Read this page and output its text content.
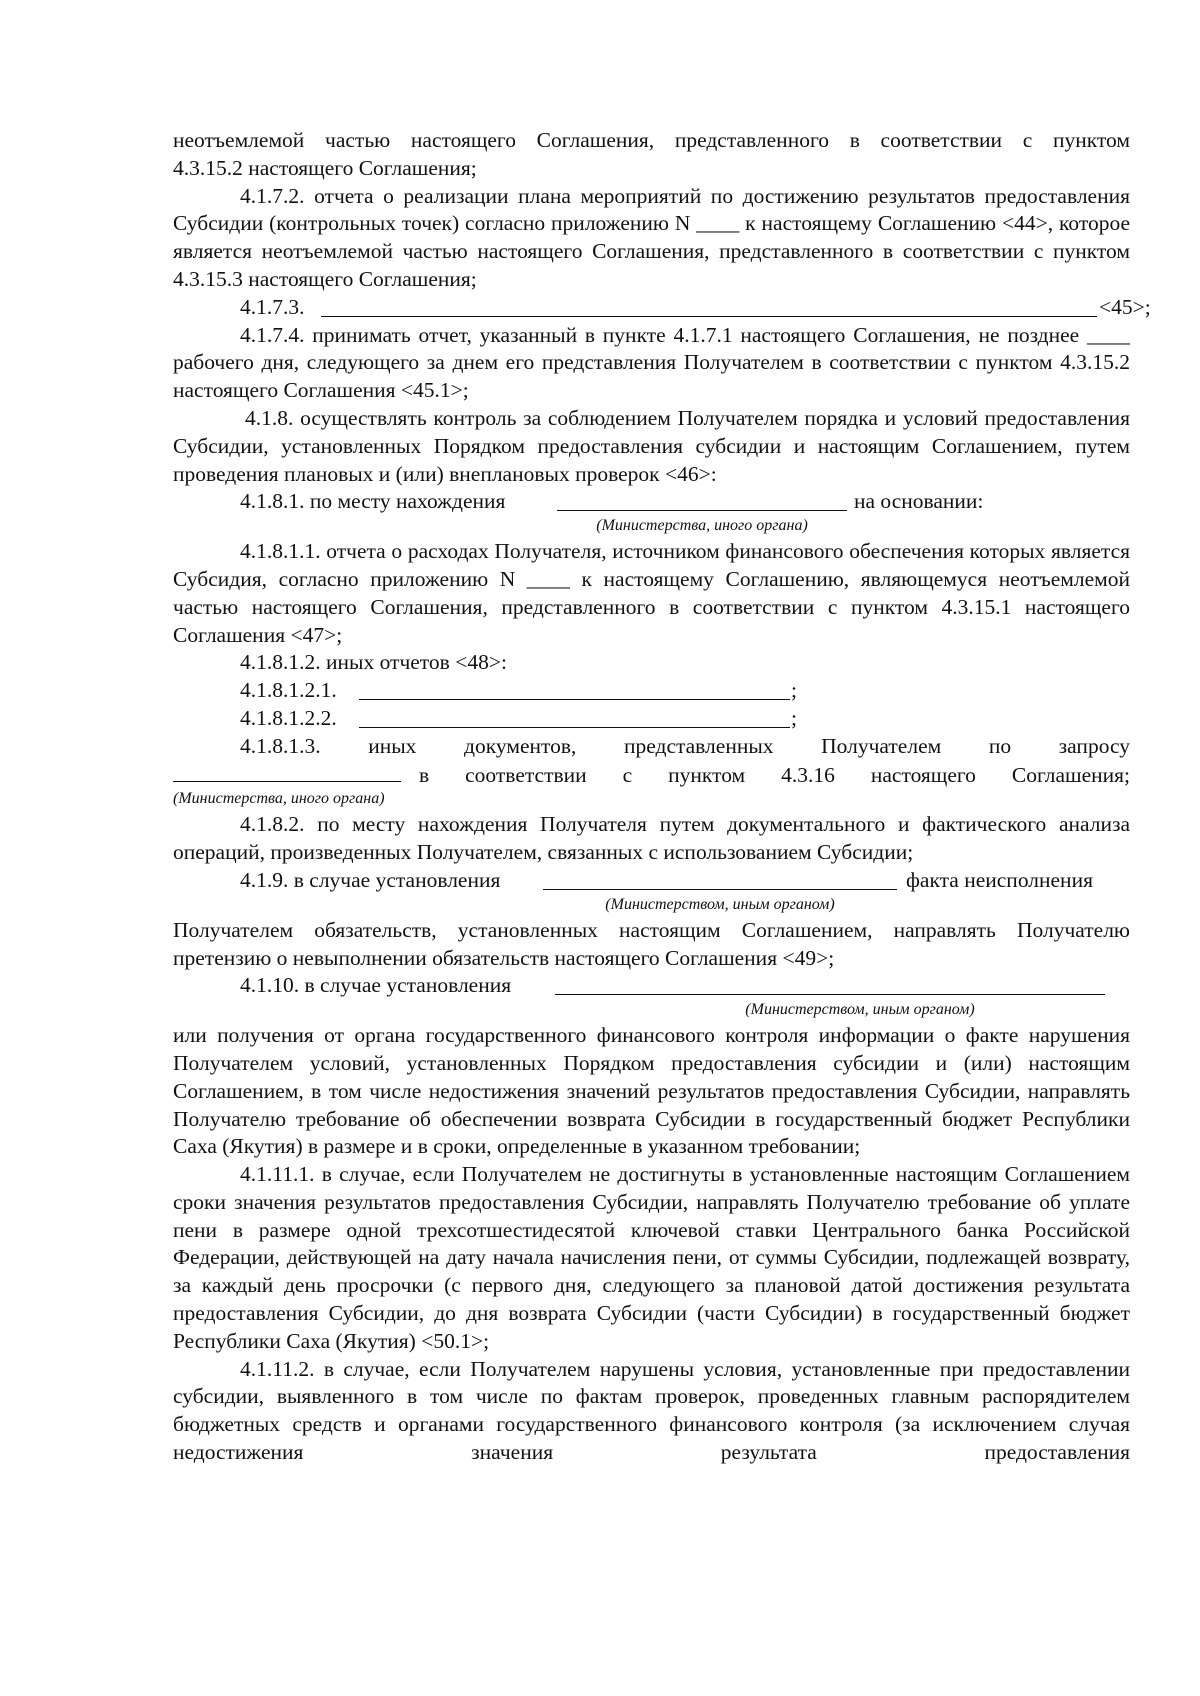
неотъемлемой частью настоящего Соглашения, представленного в соответствии с пунктом

4.3.15.2 настоящего Соглашения;

4.1.7.2. отчета о реализации плана мероприятий по достижению результатов предоставления Субсидии (контрольных точек) согласно приложению N ____ к настоящему Соглашению <44>, которое является неотъемлемой частью настоящего Соглашения, представленного в соответствии с пунктом 4.3.15.3 настоящего Соглашения;

4.1.7.3.	<45>;

4.1.7.4. принимать отчет, указанный в пункте 4.1.7.1 настоящего Соглашения, не позднее ____ рабочего дня, следующего за днем его представления Получателем в соответствии с пунктом 4.3.15.2 настоящего Соглашения <45.1>;

4.1.8. осуществлять контроль за соблюдением Получателем порядка и условий предоставления Субсидии, установленных Порядком предоставления субсидии и настоящим Соглашением, путем проведения плановых и (или) внеплановых проверок <46>:

4.1.8.1. по месту нахождения	на основании:
(Министерства, иного органа)

4.1.8.1.1. отчета о расходах Получателя, источником финансового обеспечения которых является Субсидия, согласно приложению N ____ к настоящему Соглашению, являющемуся неотъемлемой частью настоящего Соглашения, представленного в соответствии с пунктом 4.3.15.1 настоящего Соглашения <47>;

4.1.8.1.2. иных отчетов <48>:

4.1.8.1.2.1.	;
4.1.8.1.2.2.	;

4.1.8.1.3. иных документов, представленных Получателем по запросу

в соответствии с пунктом 4.3.16 настоящего Соглашения;
(Министерства, иного органа)

4.1.8.2. по месту нахождения Получателя путем документального и фактического анализа операций, произведенных Получателем, связанных с использованием Субсидии;

4.1.9. в случае установления	факта неисполнения
(Министерством, иным органом)

Получателем обязательств, установленных настоящим Соглашением, направлять Получателю претензию о невыполнении обязательств настоящего Соглашения <49>;

4.1.10. в случае установления
(Министерством, иным органом)

или получения от органа государственного финансового контроля информации о факте нарушения Получателем условий, установленных Порядком предоставления субсидии и (или) настоящим Соглашением, в том числе недостижения значений результатов предоставления Субсидии, направлять Получателю требование об обеспечении возврата Субсидии в государственный бюджет Республики Саха (Якутия) в размере и в сроки, определенные в указанном требовании;

4.1.11.1. в случае, если Получателем не достигнуты в установленные настоящим Соглашением сроки значения результатов предоставления Субсидии, направлять Получателю требование об уплате пени в размере одной трехсотшестидесятой ключевой ставки Центрального банка Российской Федерации, действующей на дату начала начисления пени, от суммы Субсидии, подлежащей возврату, за каждый день просрочки (с первого дня, следующего за плановой датой достижения результата предоставления Субсидии, до дня возврата Субсидии (части Субсидии) в государственный бюджет Республики Саха (Якутия) <50.1>;

4.1.11.2. в случае, если Получателем нарушены условия, установленные при предоставлении субсидии, выявленного в том числе по фактам проверок, проведенных главным распорядителем бюджетных средств и органами государственного финансового контроля (за исключением случая недостижения значения результата предоставления
